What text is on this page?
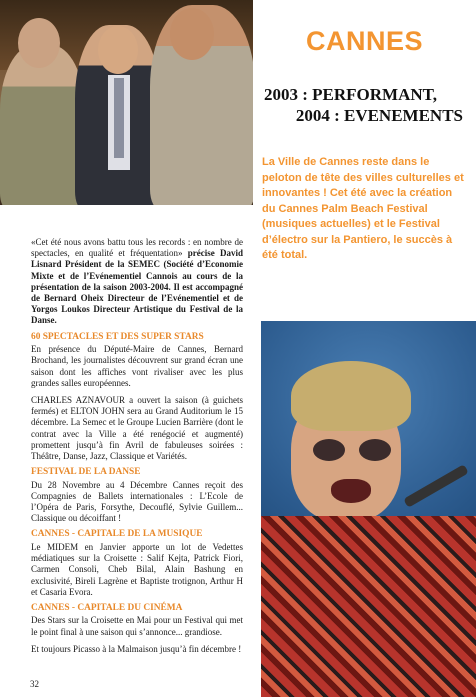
CANNES
2003 : PERFORMANT,
2004 : EVENEMENTS

La Ville de Cannes reste dans le peloton de tête des villes culturelles et innovantes ! Cet été avec la création du Cannes Palm Beach Festival (musiques actuelles) et le Festival d’électro sur la Pantiero, le succès à été total.

«Cet été nous avons battu tous les records : en nombre de spectacles, en qualité et fréquentation» précise David Lisnard Président de la SEMEC (Société d’Economie Mixte et de l’Evénementiel Cannois au cours de la présentation de la saison 2003-2004. Il est accompagné de Bernard Oheix Directeur de l’Evénementiel et de Yorgos Loukos Directeur Artistique du Festival de la Danse.

60 SPECTACLES ET DES SUPER STARS

En présence du Député-Maire de Cannes, Bernard Brochand, les journalistes découvrent sur grand écran une saison dont les affiches vont rivaliser avec les plus grandes salles européennes.

CHARLES AZNAVOUR a ouvert la saison (à guichets fermés) et ELTON JOHN sera au Grand Auditorium le 15 décembre. La Semec et le Groupe Lucien Barrière (dont le contrat avec la Ville a été renégocié et augmenté) promettent jusqu’à fin Avril de fabuleuses soirées : Théâtre, Danse, Jazz, Classique et Variétés.

FESTIVAL DE LA DANSE

Du 28 Novembre au 4 Décembre Cannes reçoit des Compagnies de Ballets internationales : L’Ecole de l’Opéra de Paris, Forsythe, Decouflé, Sylvie Guillem... Classique ou décoiffant !

CANNES - CAPITALE DE LA MUSIQUE

Le MIDEM en Janvier apporte un lot de Vedettes médiatiques sur la Croisette : Salif Kejta, Patrick Fiori, Carmen Consoli, Cheb Bilal, Alain Bashung en exclusivité, Bireli Lagrène et Baptiste trotignon, Arthur H et Casaria Evora.

CANNES - CAPITALE DU CINÉMA

Des Stars sur la Croisette en Mai pour un Festival qui met le point final à une saison qui s’annonce... grandiose.

Et toujours Picasso à la Malmaison jusqu’à fin décembre !

32
